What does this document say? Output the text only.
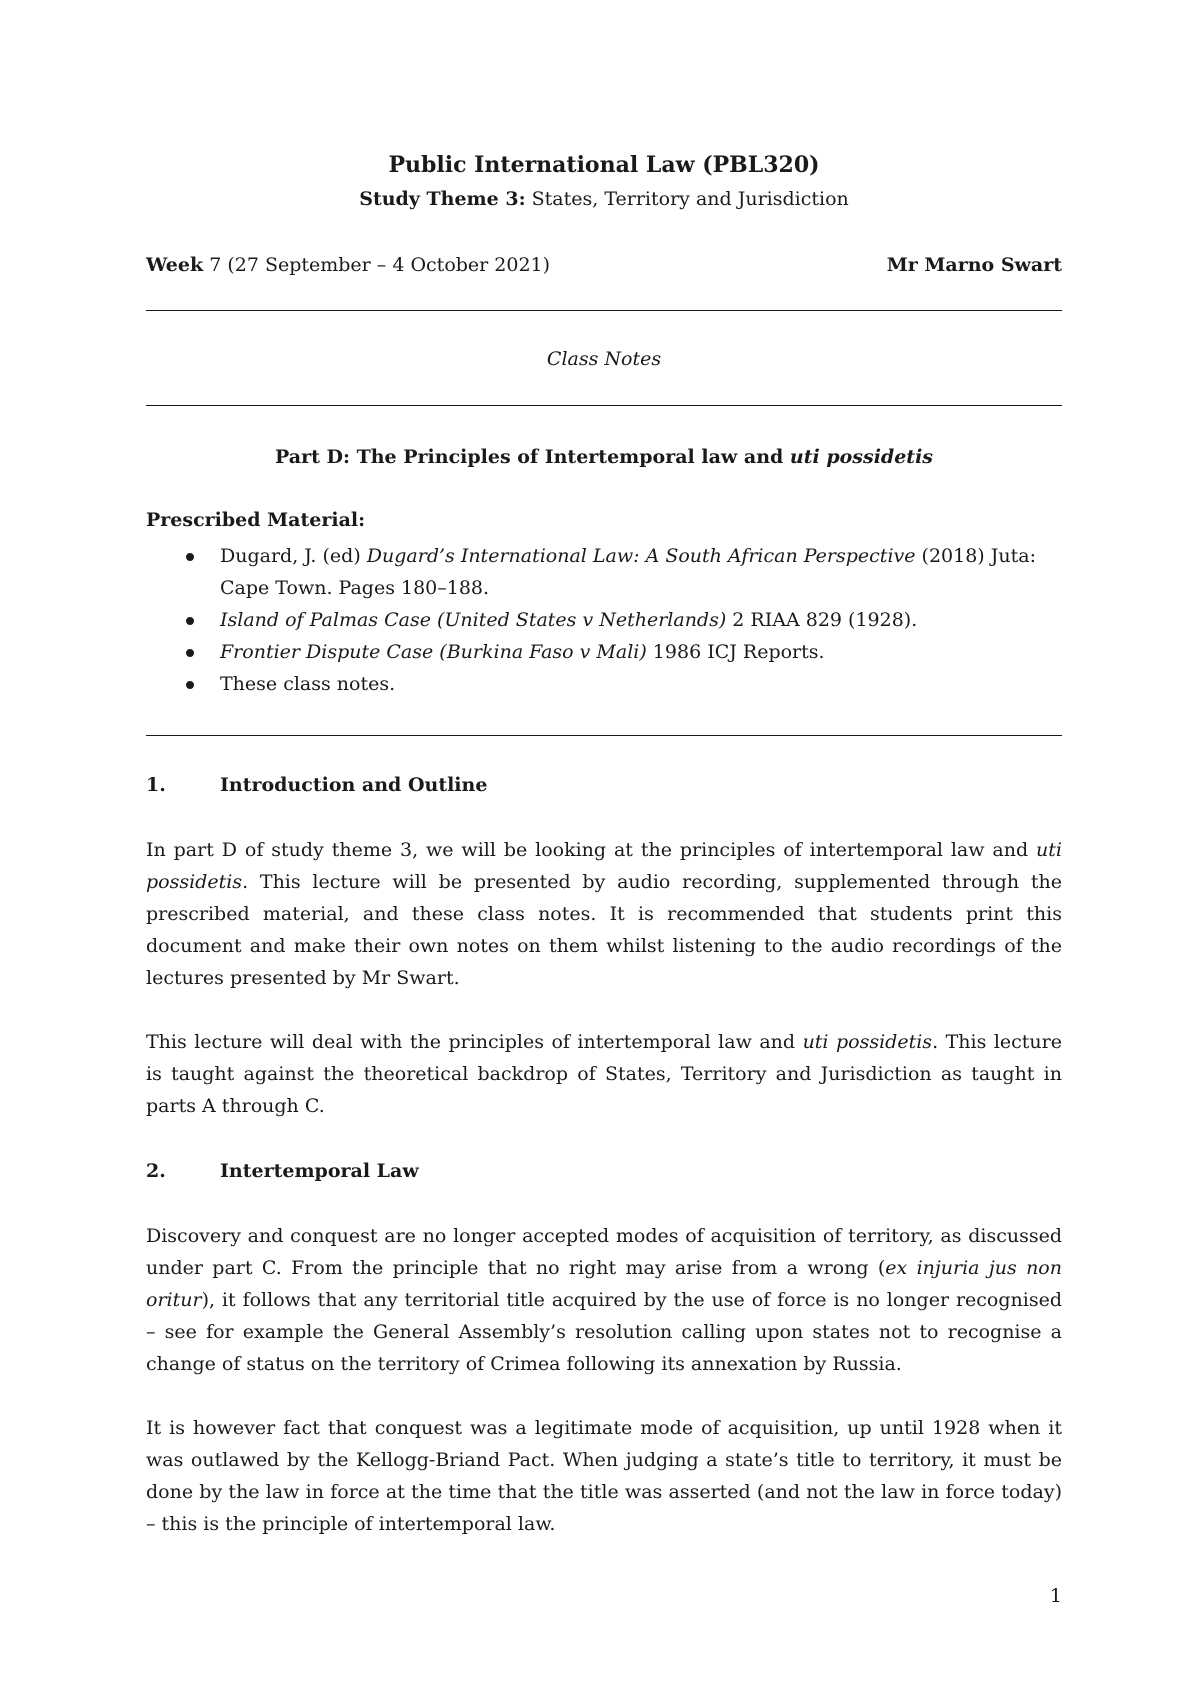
Public International Law (PBL320)
Study Theme 3: States, Territory and Jurisdiction
Week 7 (27 September – 4 October 2021)	Mr Marno Swart
Class Notes
Part D: The Principles of Intertemporal law and uti possidetis
Prescribed Material:
Dugard, J. (ed) Dugard’s International Law: A South African Perspective (2018) Juta: Cape Town. Pages 180–188.
Island of Palmas Case (United States v Netherlands) 2 RIAA 829 (1928).
Frontier Dispute Case (Burkina Faso v Mali) 1986 ICJ Reports.
These class notes.
1.	Introduction and Outline

In part D of study theme 3, we will be looking at the principles of intertemporal law and uti possidetis. This lecture will be presented by audio recording, supplemented through the prescribed material, and these class notes. It is recommended that students print this document and make their own notes on them whilst listening to the audio recordings of the lectures presented by Mr Swart.

This lecture will deal with the principles of intertemporal law and uti possidetis. This lecture is taught against the theoretical backdrop of States, Territory and Jurisdiction as taught in parts A through C.

2.	Intertemporal Law

Discovery and conquest are no longer accepted modes of acquisition of territory, as discussed under part C. From the principle that no right may arise from a wrong (ex injuria jus non oritur), it follows that any territorial title acquired by the use of force is no longer recognised – see for example the General Assembly’s resolution calling upon states not to recognise a change of status on the territory of Crimea following its annexation by Russia.

It is however fact that conquest was a legitimate mode of acquisition, up until 1928 when it was outlawed by the Kellogg-Briand Pact. When judging a state’s title to territory, it must be done by the law in force at the time that the title was asserted (and not the law in force today) – this is the principle of intertemporal law.

1
